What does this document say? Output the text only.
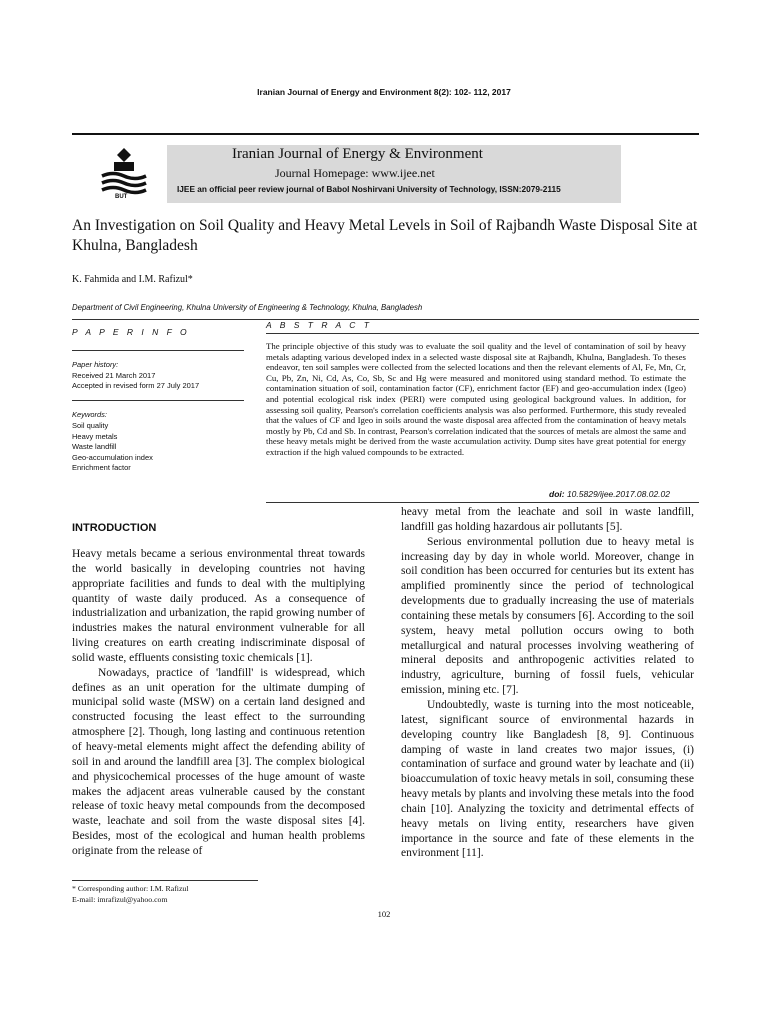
Iranian Journal of Energy and Environment 8(2): 102- 112, 2017
BUT
Iranian Journal of Energy & Environment
Journal Homepage: www.ijee.net
IJEE an official peer review journal of Babol Noshirvani University of Technology, ISSN:2079-2115
An Investigation on Soil Quality and Heavy Metal Levels in Soil of Rajbandh Waste Disposal Site at Khulna, Bangladesh
K. Fahmida and I.M. Rafizul*
Department of Civil Engineering, Khulna University of Engineering & Technology, Khulna, Bangladesh
P A P E R I N F O
A B S T R A C T
Paper history:
Received 21 March 2017
Accepted in revised form 27 July 2017
Keywords:
Soil quality
Heavy metals
Waste landfill
Geo-accumulation index
Enrichment factor
The principle objective of this study was to evaluate the soil quality and the level of contamination of soil by heavy metals adapting various developed index in a selected waste disposal site at Rajbandh, Khulna, Bangladesh. To theses endeavor, ten soil samples were collected from the selected locations and then the relevant elements of Al, Fe, Mn, Cr, Cu, Pb, Zn, Ni, Cd, As, Co, Sb, Sc and Hg were measured and monitored using standard method. To estimate the contamination situation of soil, contamination factor (CF), enrichment factor (EF) and geo-accumulation index (Igeo) and potential ecological risk index (PERI) were computed using geological background values. In addition, for assessing soil quality, Pearson's correlation coefficients analysis was also performed. Furthermore, this study revealed that the values of CF and Igeo in soils around the waste disposal area affected from the contamination of heavy metals mostly by Pb, Cd and Sb. In contrast, Pearson's correlation indicated that the sources of metals are almost the same and these heavy metals might be derived from the waste accumulation activity. Dump sites have great potential for energy extraction if the high valued compounds to be extracted.
doi: 10.5829/ijee.2017.08.02.02
INTRODUCTION

Heavy metals became a serious environmental threat towards the world basically in developing countries not having appropriate facilities and funds to deal with the multiplying quantity of waste daily produced. As a consequence of industrialization and urbanization, the rapid growing number of industries makes the natural environment vulnerable for all living creatures on earth creating indiscriminate disposal of solid waste, effluents consisting toxic chemicals [1].

Nowadays, practice of 'landfill' is widespread, which defines as an unit operation for the ultimate dumping of municipal solid waste (MSW) on a certain land designed and constructed focusing the least effect to the surrounding atmosphere [2]. Though, long lasting and continuous retention of heavy-metal elements might affect the defending ability of soil in and around the landfill area [3]. The complex biological and physicochemical processes of the huge amount of waste makes the adjacent areas vulnerable caused by the constant release of toxic heavy metal compounds from the decomposed waste, leachate and soil from the waste disposal sites [4]. Besides, most of the ecological and human health problems originate from the release of

heavy metal from the leachate and soil in waste landfill, landfill gas holding hazardous air pollutants [5].

Serious environmental pollution due to heavy metal is increasing day by day in whole world. Moreover, change in soil condition has been occurred for centuries but its extent has amplified prominently since the period of technological developments due to gradually increasing the use of materials containing these metals by consumers [6]. According to the soil system, heavy metal pollution occurs owing to both metallurgical and natural processes involving weathering of mineral deposits and anthropogenic activities related to industry, agriculture, burning of fossil fuels, vehicular emission, mining etc. [7].

Undoubtedly, waste is turning into the most noticeable, latest, significant source of environmental hazards in developing country like Bangladesh [8, 9]. Continuous damping of waste in land creates two major issues, (i) contamination of surface and ground water by leachate and (ii) bioaccumulation of toxic heavy metals in soil, consuming these heavy metals by plants and involving these metals into the food chain [10]. Analyzing the toxicity and detrimental effects of heavy metals on living entity, researchers have given importance in the source and fate of these elements in the environment [11].

* Corresponding author: I.M. Rafizul
E-mail: imrafizul@yahoo.com
102
